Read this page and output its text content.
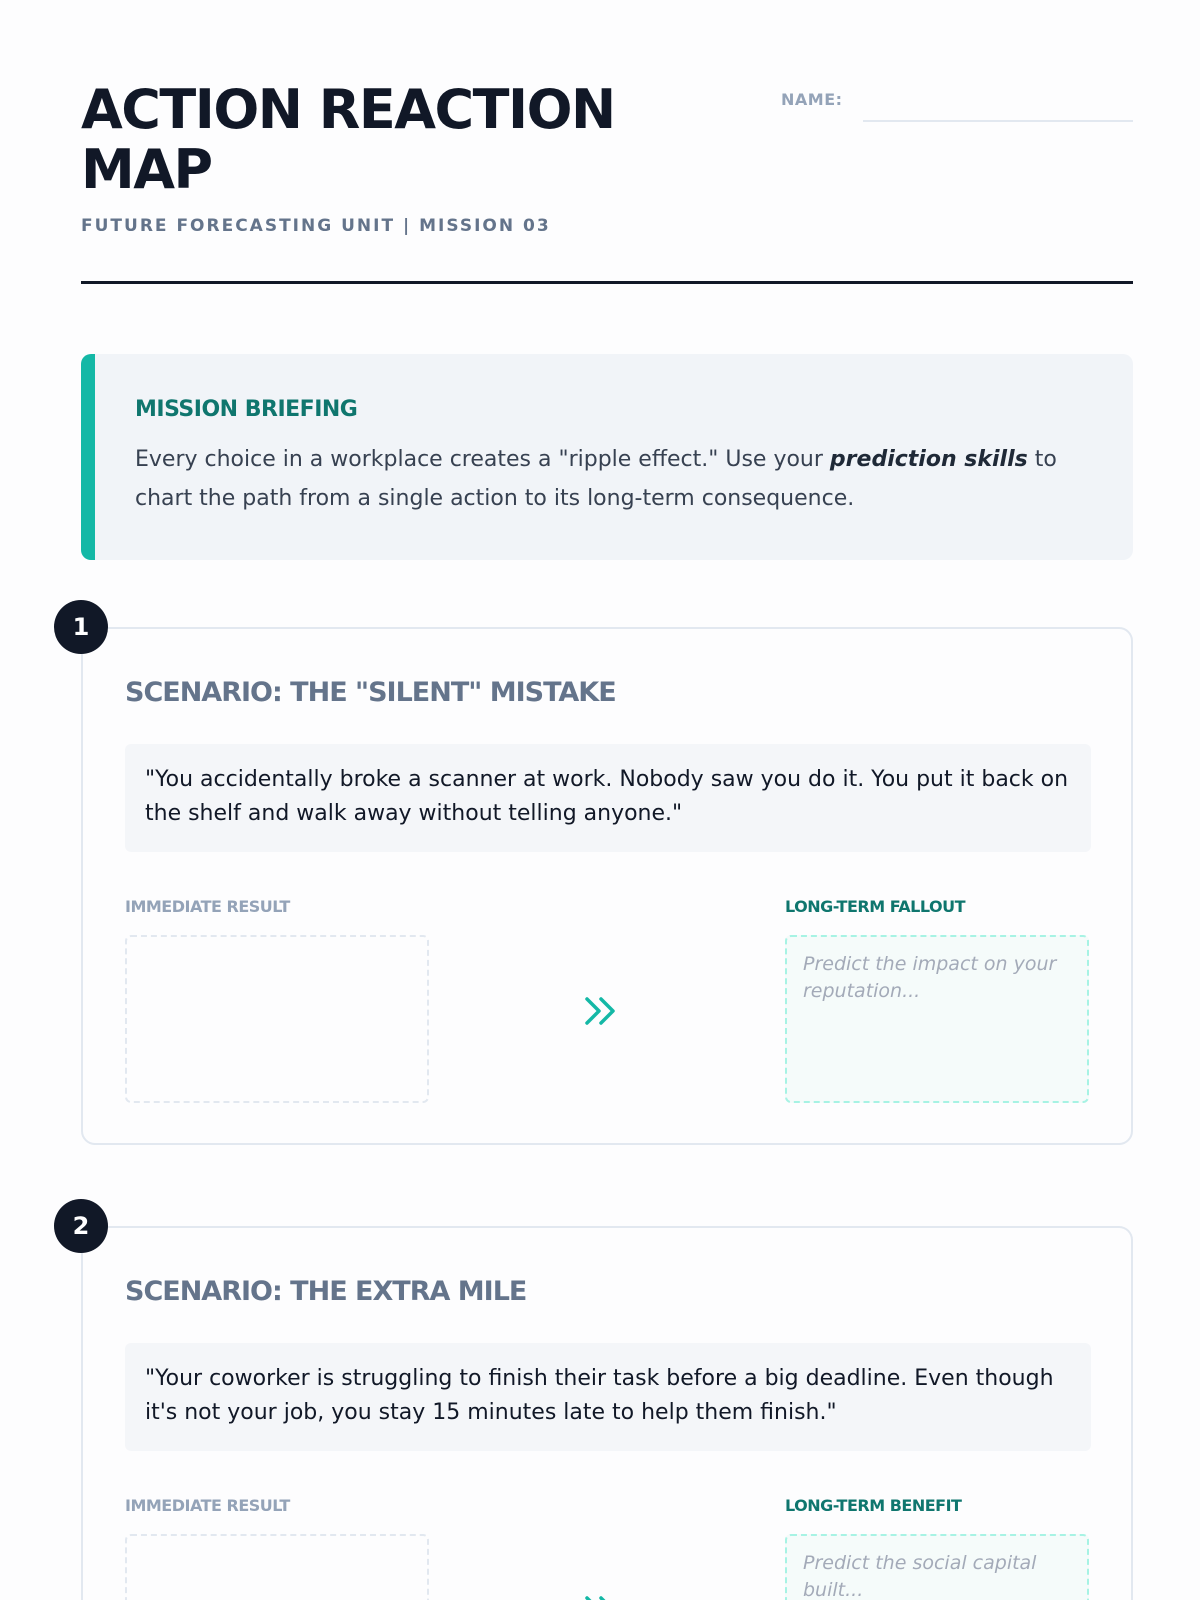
ACTION REACTION MAP
FUTURE FORECASTING UNIT | MISSION 03
NAME:
MISSION BRIEFING

Every choice in a workplace creates a "ripple effect." Use your prediction skills to chart the path from a single action to its long-term consequence.

1
SCENARIO: THE "SILENT" MISTAKE
"You accidentally broke a scanner at work. Nobody saw you do it. You put it back on the shelf and walk away without telling anyone."
IMMEDIATE RESULT	LONG-TERM FALLOUT
Predict the impact on your reputation...
2
SCENARIO: THE EXTRA MILE
"Your coworker is struggling to finish their task before a big deadline. Even though it's not your job, you stay 15 minutes late to help them finish."
IMMEDIATE RESULT	LONG-TERM BENEFIT
Predict the social capital built...
